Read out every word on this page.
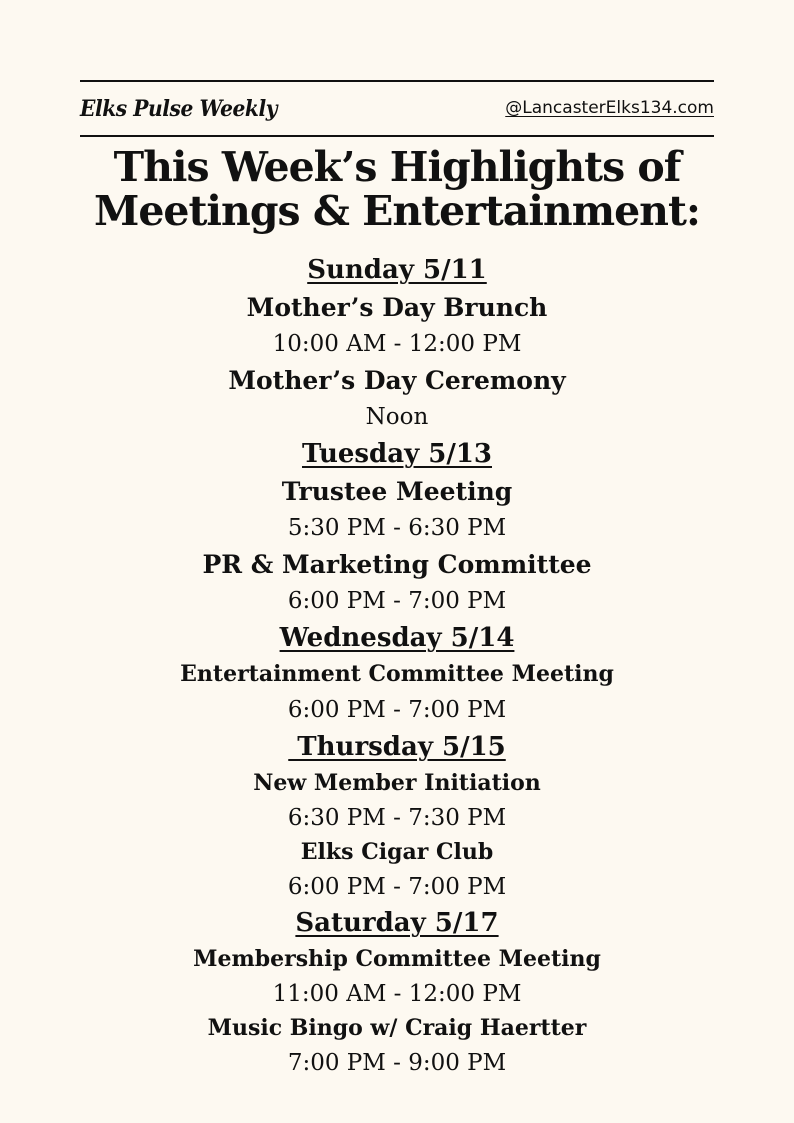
Elks Pulse Weekly	@LancasterElks134.com
This Week’s Highlights of
Meetings & Entertainment:
Sunday 5/11
Mother’s Day Brunch
10:00 AM - 12:00 PM
Mother’s Day Ceremony
Noon
Tuesday 5/13
Trustee Meeting
5:30 PM - 6:30 PM
PR & Marketing Committee
6:00 PM - 7:00 PM
Wednesday 5/14
Entertainment Committee Meeting
6:00 PM - 7:00 PM
Thursday 5/15
New Member Initiation
6:30 PM - 7:30 PM
Elks Cigar Club
6:00 PM - 7:00 PM
Saturday 5/17
Membership Committee Meeting
11:00 AM - 12:00 PM
Music Bingo w/ Craig Haertter
7:00 PM - 9:00 PM
